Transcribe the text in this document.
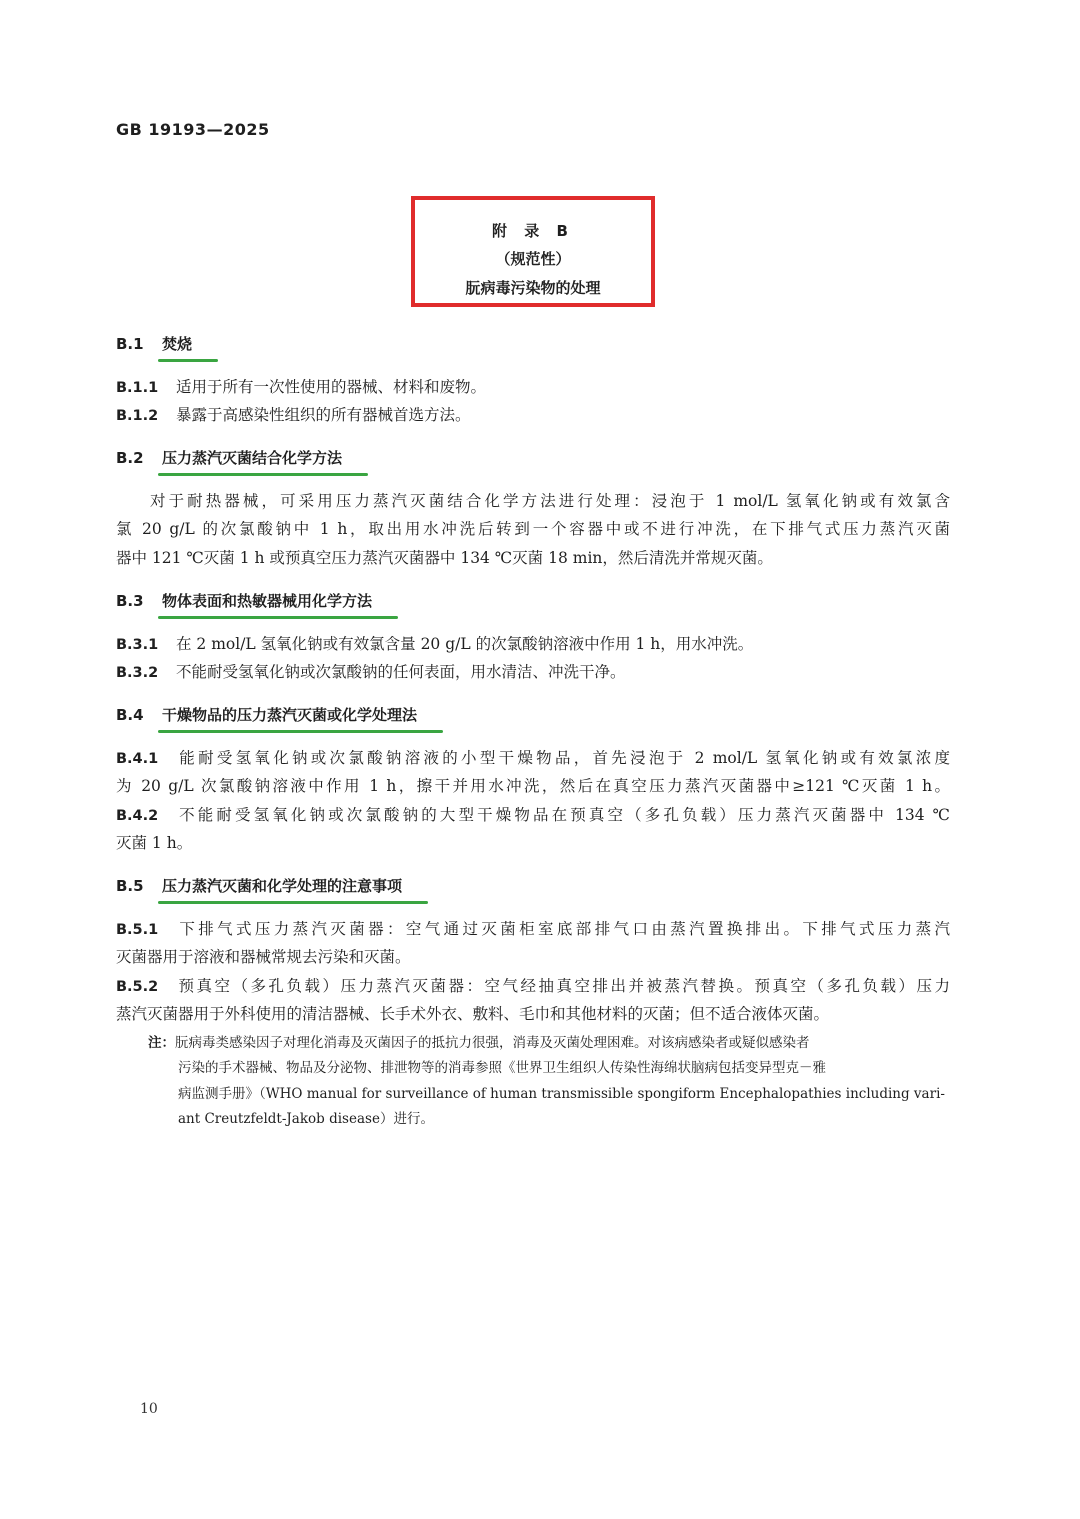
GB 19193—2025
附 录 B
（规范性）
朊病毒污染物的处理
B.1 焚烧
B.1.1 适用于所有一次性使用的器械、材料和废物。
B.1.2 暴露于高感染性组织的所有器械首选方法。
B.2 压力蒸汽灭菌结合化学方法
对于耐热器械，可采用压力蒸汽灭菌结合化学方法进行处理：浸泡于 1 mol/L 氢氧化钠或有效氯含
氯 20 g/L 的次氯酸钠中 1 h，取出用水冲洗后转到一个容器中或不进行冲洗，在下排气式压力蒸汽灭菌
器中 121 ℃灭菌 1 h 或预真空压力蒸汽灭菌器中 134 ℃灭菌 18 min，然后清洗并常规灭菌。
B.3 物体表面和热敏器械用化学方法
B.3.1 在 2 mol/L 氢氧化钠或有效氯含量 20 g/L 的次氯酸钠溶液中作用 1 h，用水冲洗。
B.3.2 不能耐受氢氧化钠或次氯酸钠的任何表面，用水清洁、冲洗干净。
B.4 干燥物品的压力蒸汽灭菌或化学处理法
B.4.1 能耐受氢氧化钠或次氯酸钠溶液的小型干燥物品，首先浸泡于 2 mol/L 氢氧化钠或有效氯浓度
为 20 g/L 次氯酸钠溶液中作用 1 h，擦干并用水冲洗，然后在真空压力蒸汽灭菌器中≥121 ℃灭菌 1 h。
B.4.2 不能耐受氢氧化钠或次氯酸钠的大型干燥物品在预真空（多孔负载）压力蒸汽灭菌器中 134 ℃
灭菌 1 h。
B.5 压力蒸汽灭菌和化学处理的注意事项
B.5.1 下排气式压力蒸汽灭菌器：空气通过灭菌柜室底部排气口由蒸汽置换排出。下排气式压力蒸汽
灭菌器用于溶液和器械常规去污染和灭菌。
B.5.2 预真空（多孔负载）压力蒸汽灭菌器：空气经抽真空排出并被蒸汽替换。预真空（多孔负载）压力
蒸汽灭菌器用于外科使用的清洁器械、长手术外衣、敷料、毛巾和其他材料的灭菌；但不适合液体灭菌。
注：朊病毒类感染因子对理化消毒及灭菌因子的抵抗力很强，消毒及灭菌处理困难。对该病感染者或疑似感染者
污染的手术器械、物品及分泌物、排泄物等的消毒参照《世界卫生组织人传染性海绵状脑病包括变异型克－雅
病监测手册》（WHO manual for surveillance of human transmissible spongiform Encephalopathies including vari-
ant Creutzfeldt-Jakob disease）进行。
10
